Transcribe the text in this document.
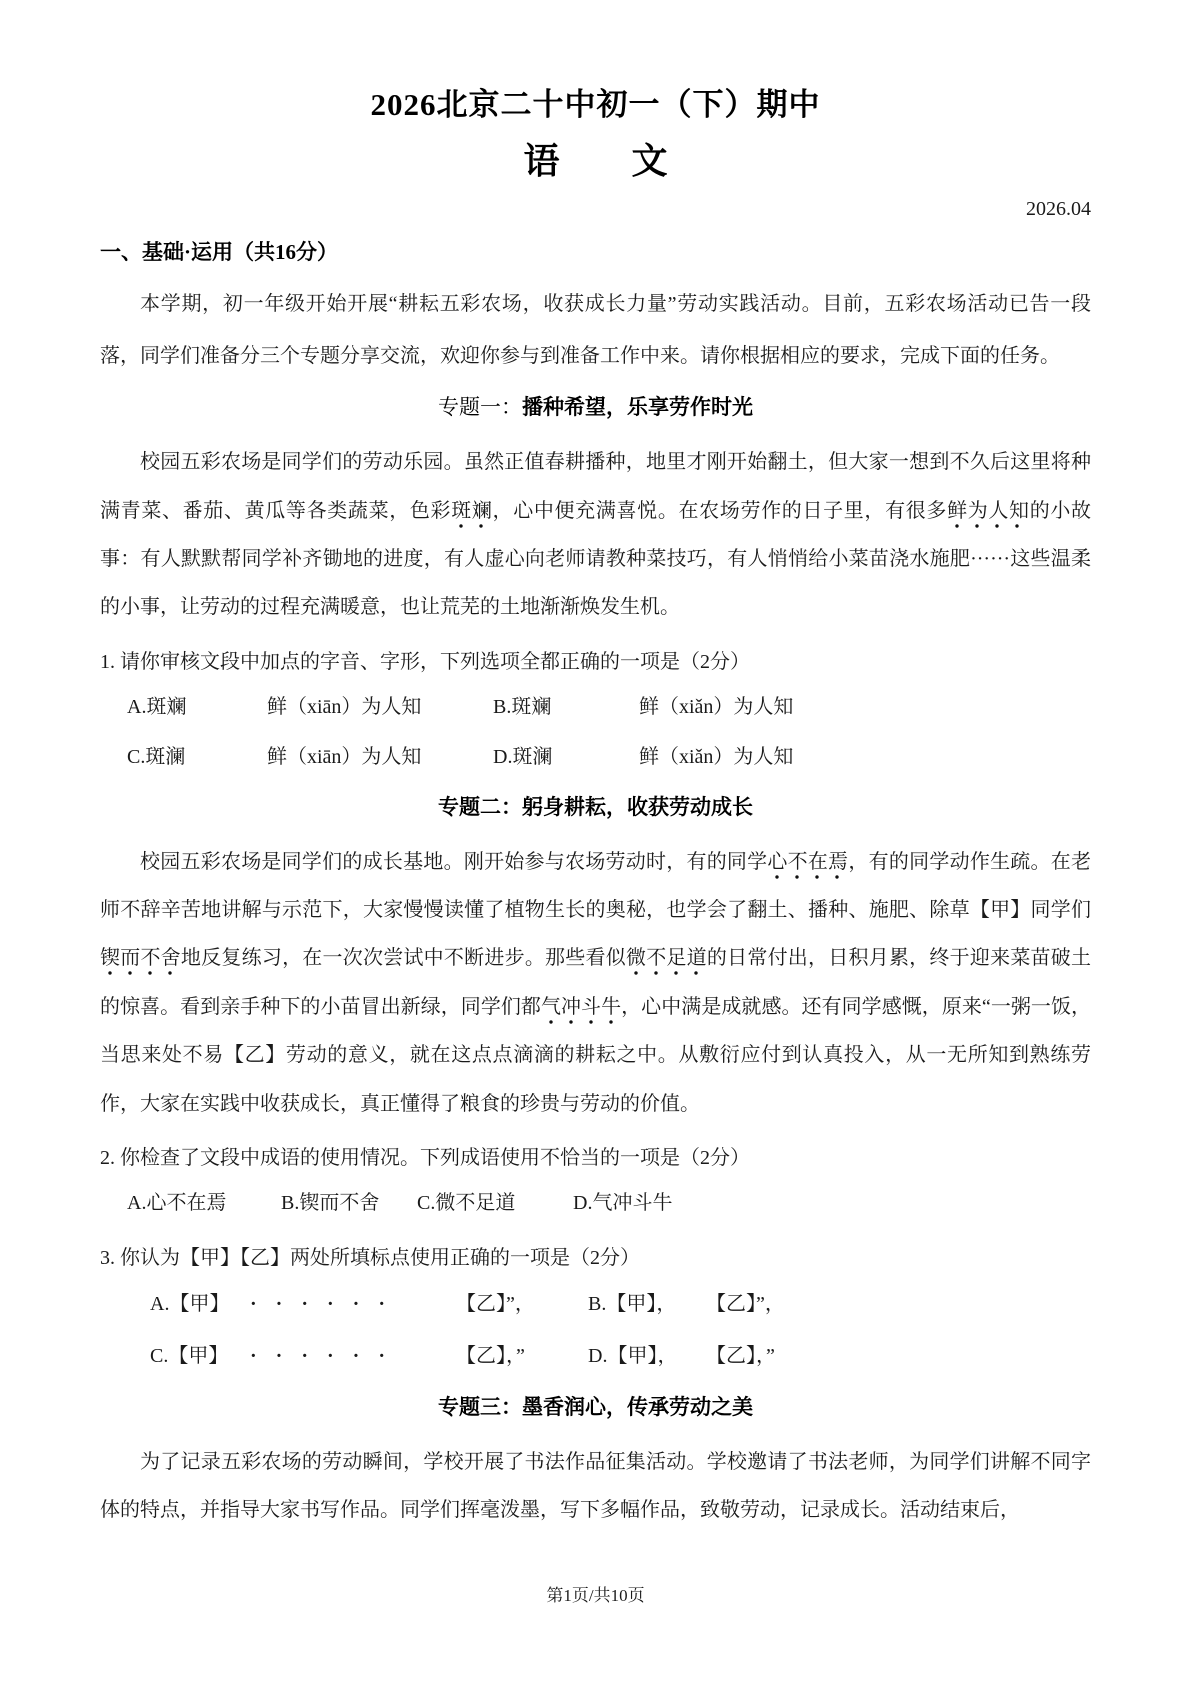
2026北京二十中初一（下）期中
语　　文
2026.04
一、基础·运用（共16分）

本学期，初一年级开始开展“耕耘五彩农场，收获成长力量”劳动实践活动。目前，五彩农场活动已告一段落，同学们准备分三个专题分享交流，欢迎你参与到准备工作中来。请你根据相应的要求，完成下面的任务。

专题一：播种希望，乐享劳作时光

校园五彩农场是同学们的劳动乐园。虽然正值春耕播种，地里才刚开始翻土，但大家一想到不久后这里将种满青菜、番茄、黄瓜等各类蔬菜，色彩斑斓，心中便充满喜悦。在农场劳作的日子里，有很多鲜为人知的小故事：有人默默帮同学补齐锄地的进度，有人虚心向老师请教种菜技巧，有人悄悄给小菜苗浇水施肥······这些温柔的小事，让劳动的过程充满暖意，也让荒芜的土地渐渐焕发生机。

1. 请你审核文段中加点的字音、字形，下列选项全都正确的一项是（2分）

A.斑斓	鲜（xiān）为人知	B.斑斓	鲜（xiǎn）为人知
C.斑澜	鲜（xiān）为人知	D.斑澜	鲜（xiǎn）为人知
专题二：躬身耕耘，收获劳动成长

校园五彩农场是同学们的成长基地。刚开始参与农场劳动时，有的同学心不在焉，有的同学动作生疏。在老师不辞辛苦地讲解与示范下，大家慢慢读懂了植物生长的奥秘，也学会了翻土、播种、施肥、除草【甲】同学们锲而不舍地反复练习，在一次次尝试中不断进步。那些看似微不足道的日常付出，日积月累，终于迎来菜苗破土的惊喜。看到亲手种下的小苗冒出新绿，同学们都气冲斗牛，心中满是成就感。还有同学感慨，原来“一粥一饭，当思来处不易【乙】劳动的意义，就在这点点滴滴的耕耘之中。从敷衍应付到认真投入，从一无所知到熟练劳作，大家在实践中收获成长，真正懂得了粮食的珍贵与劳动的价值。

2. 你检查了文段中成语的使用情况。下列成语使用不恰当的一项是（2分）

A.心不在焉	B.锲而不舍	C.微不足道	D.气冲斗牛

3. 你认为【甲】【乙】两处所填标点使用正确的一项是（2分）

A.【甲】	······	【乙】”，	B.【甲】，	【乙】”，
C.【甲】	······	【乙】，”	D.【甲】，	【乙】，”
专题三：墨香润心，传承劳动之美

为了记录五彩农场的劳动瞬间，学校开展了书法作品征集活动。学校邀请了书法老师，为同学们讲解不同字体的特点，并指导大家书写作品。同学们挥毫泼墨，写下多幅作品，致敬劳动，记录成长。活动结束后，

第1页/共10页
